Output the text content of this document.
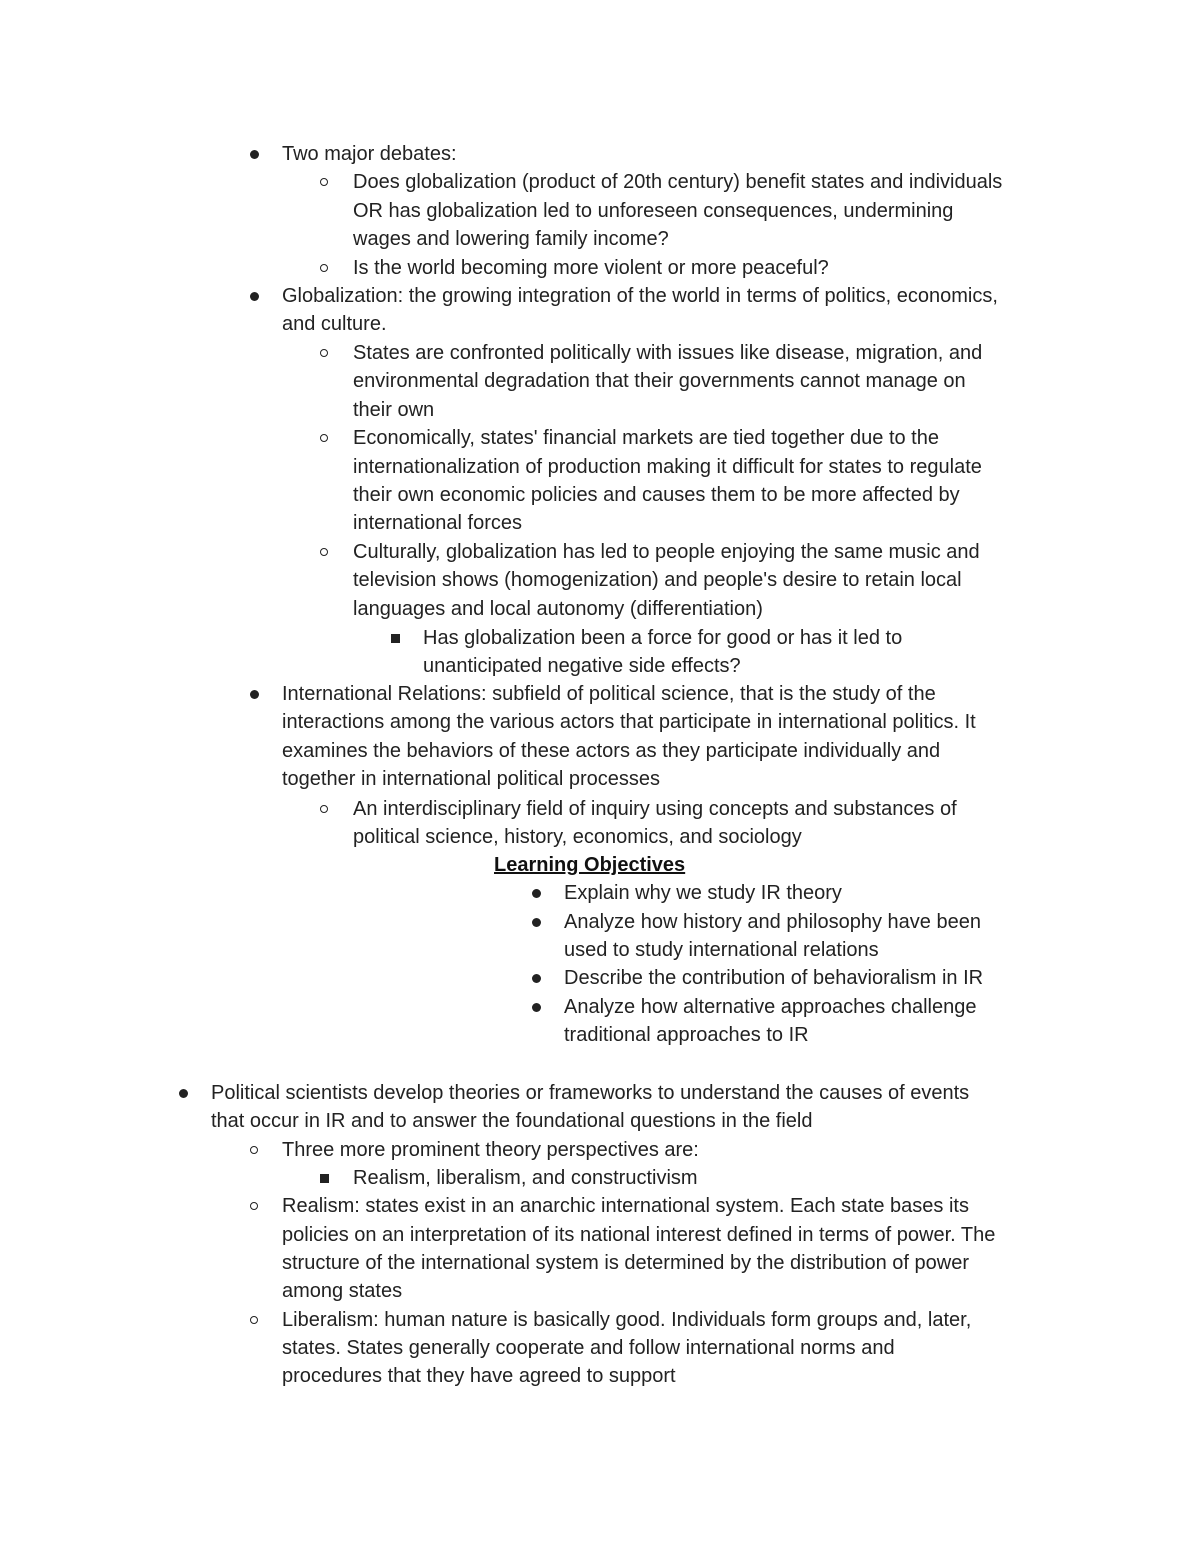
Two major debates:
Does globalization (product of 20th century) benefit states and individuals
OR has globalization led to unforeseen consequences, undermining
wages and lowering family income?
Is the world becoming more violent or more peaceful?
Globalization: the growing integration of the world in terms of politics, economics,
and culture.
States are confronted politically with issues like disease, migration, and
environmental degradation that their governments cannot manage on
their own
Economically, states' financial markets are tied together due to the
internationalization of production making it difficult for states to regulate
their own economic policies and causes them to be more affected by
international forces
Culturally, globalization has led to people enjoying the same music and
television shows (homogenization) and people's desire to retain local
languages and local autonomy (differentiation)
Has globalization been a force for good or has it led to
unanticipated negative side effects?
International Relations: subfield of political science, that is the study of the
interactions among the various actors that participate in international politics. It
examines the behaviors of these actors as they participate individually and
together in international political processes
An interdisciplinary field of inquiry using concepts and substances of
political science, history, economics, and sociology
Learning Objectives
Explain why we study IR theory
Analyze how history and philosophy have been
used to study international relations
Describe the contribution of behavioralism in IR
Analyze how alternative approaches challenge
traditional approaches to IR
Political scientists develop theories or frameworks to understand the causes of events
that occur in IR and to answer the foundational questions in the field
Three more prominent theory perspectives are:
Realism, liberalism, and constructivism
Realism: states exist in an anarchic international system. Each state bases its
policies on an interpretation of its national interest defined in terms of power. The
structure of the international system is determined by the distribution of power
among states
Liberalism: human nature is basically good. Individuals form groups and, later,
states. States generally cooperate and follow international norms and
procedures that they have agreed to support
